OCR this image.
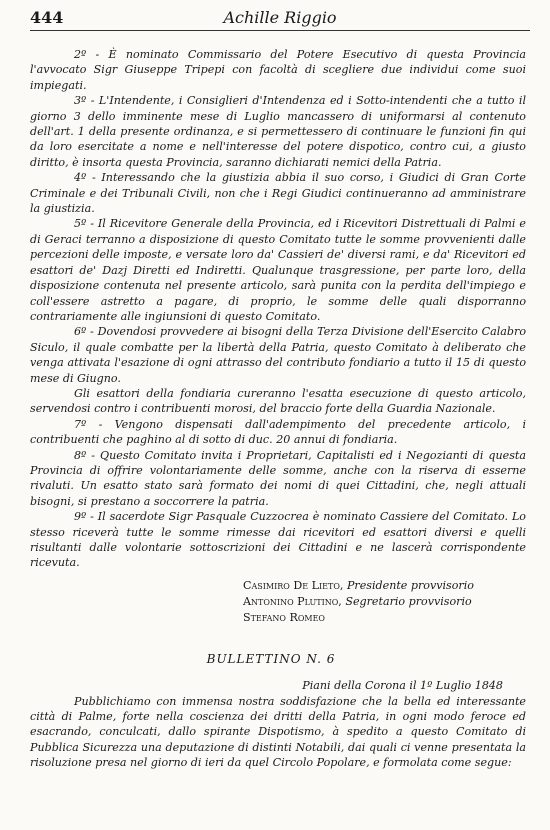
444	Achille Riggio

2º - È nominato Commissario del Potere Esecutivo di questa Provincia l'avvocato Sigr Giuseppe Tripepi con facoltà di scegliere due individui come suoi impiegati.

3º - L'Intendente, i Consiglieri d'Intendenza ed i Sotto-intendenti che a tutto il giorno 3 dello imminente mese di Luglio mancassero di uniformarsi al contenuto dell'art. 1 della presente ordinanza, e si permettessero di continuare le funzioni fin qui da loro esercitate a nome e nell'interesse del potere dispotico, contro cui, a giusto diritto, è insorta questa Provincia, saranno dichiarati nemici della Patria.

4º - Interessando che la giustizia abbia il suo corso, i Giudici di Gran Corte Criminale e dei Tribunali Civili, non che i Regi Giudici continueranno ad amministrare la giustizia.

5º - Il Ricevitore Generale della Provincia, ed i Ricevitori Distrettuali di Palmi e di Geraci terranno a disposizione di questo Comitato tutte le somme provvenienti dalle percezioni delle imposte, e versate loro da' Cassieri de' diversi rami, e da' Ricevitori ed esattori de' Dazj Diretti ed Indiretti. Qualunque trasgressione, per parte loro, della disposizione contenuta nel presente articolo, sarà punita con la perdita dell'impiego e coll'essere astretto a pagare, di proprio, le somme delle quali disporranno contrariamente alle ingiunsioni di questo Comitato.

6º - Dovendosi provvedere ai bisogni della Terza Divisione dell'Esercito Calabro Siculo, il quale combatte per la libertà della Patria, questo Comitato à deliberato che venga attivata l'esazione di ogni attrasso del contributo fondiario a tutto il 15 di questo mese di Giugno.

Gli esattori della fondiaria cureranno l'esatta esecuzione di questo articolo, servendosi contro i contribuenti morosi, del braccio forte della Guardia Nazionale.

7º - Vengono dispensati dall'adempimento del precedente articolo, i contribuenti che paghino al di sotto di duc. 20 annui di fondiaria.

8º - Questo Comitato invita i Proprietari, Capitalisti ed i Negozianti di questa Provincia di offrire volontariamente delle somme, anche con la riserva di esserne rivaluti. Un esatto stato sarà formato dei nomi di quei Cittadini, che, negli attuali bisogni, si prestano a soccorrere la patria.

9º - Il sacerdote Sigr Pasquale Cuzzocrea è nominato Cassiere del Comitato. Lo stesso riceverà tutte le somme rimesse dai ricevitori ed esattori diversi e quelli risultanti dalle volontarie sottoscrizioni dei Cittadini e ne lascerà corrispondente ricevuta.

Casimiro De Lieto, Presidente provvisorio
Antonino Plutino, Segretario provvisorio
Stefano Romeo
BULLETTINO N. 6
Piani della Corona il 1º Luglio 1848

Pubblichiamo con immensa nostra soddisfazione che la bella ed interessante città di Palme, forte nella coscienza dei dritti della Patria, in ogni modo feroce ed esacrando, conculcati, dallo spirante Dispotismo, à spedito a questo Comitato di Pubblica Sicurezza una deputazione di distinti Notabili, dai quali ci venne presentata la risoluzione presa nel giorno di ieri da quel Circolo Popolare, e formolata come segue:
